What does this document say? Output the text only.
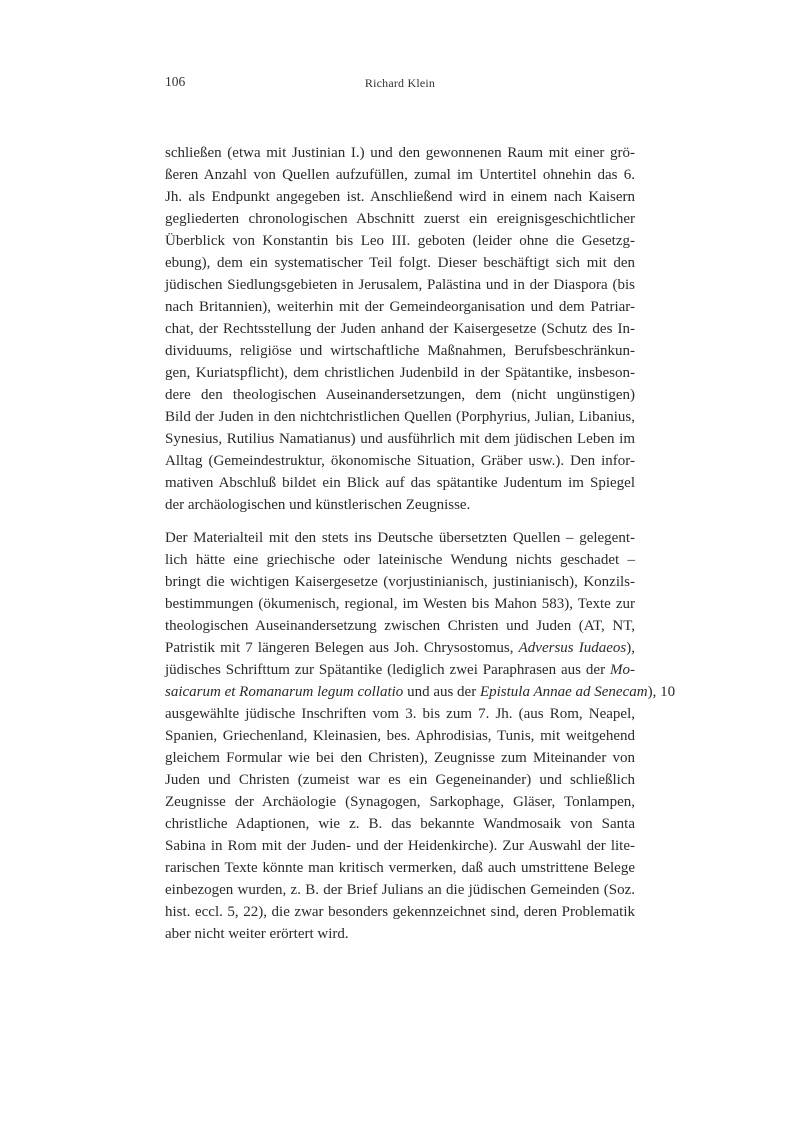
106	Richard Klein
schließen (etwa mit Justinian I.) und den gewonnenen Raum mit einer grö-
ßeren Anzahl von Quellen aufzufüllen, zumal im Untertitel ohnehin das 6.
Jh. als Endpunkt angegeben ist. Anschließend wird in einem nach Kaisern
gegliederten chronologischen Abschnitt zuerst ein ereignisgeschichtlicher
Überblick von Konstantin bis Leo III. geboten (leider ohne die Gesetzg-
ebung), dem ein systematischer Teil folgt. Dieser beschäftigt sich mit den
jüdischen Siedlungsgebieten in Jerusalem, Palästina und in der Diaspora (bis
nach Britannien), weiterhin mit der Gemeindeorganisation und dem Patriar-
chat, der Rechtsstellung der Juden anhand der Kaisergesetze (Schutz des In-
dividuums, religiöse und wirtschaftliche Maßnahmen, Berufsbeschränkun-
gen, Kuriatspflicht), dem christlichen Judenbild in der Spätantike, insbeson-
dere den theologischen Auseinandersetzungen, dem (nicht ungünstigen)
Bild der Juden in den nichtchristlichen Quellen (Porphyrius, Julian, Libanius,
Synesius, Rutilius Namatianus) und ausführlich mit dem jüdischen Leben im
Alltag (Gemeindestruktur, ökonomische Situation, Gräber usw.). Den infor-
mativen Abschluß bildet ein Blick auf das spätantike Judentum im Spiegel
der archäologischen und künstlerischen Zeugnisse.
Der Materialteil mit den stets ins Deutsche übersetzten Quellen – gelegent-
lich hätte eine griechische oder lateinische Wendung nichts geschadet –
bringt die wichtigen Kaisergesetze (vorjustinianisch, justinianisch), Konzils-
bestimmungen (ökumenisch, regional, im Westen bis Mahon 583), Texte zur
theologischen Auseinandersetzung zwischen Christen und Juden (AT, NT,
Patristik mit 7 längeren Belegen aus Joh. Chrysostomus, Adversus Iudaeos),
jüdisches Schrifttum zur Spätantike (lediglich zwei Paraphrasen aus der Mo-
saicarum et Romanarum legum collatio und aus der Epistula Annae ad Senecam), 10
ausgewählte jüdische Inschriften vom 3. bis zum 7. Jh. (aus Rom, Neapel,
Spanien, Griechenland, Kleinasien, bes. Aphrodisias, Tunis, mit weitgehend
gleichem Formular wie bei den Christen), Zeugnisse zum Miteinander von
Juden und Christen (zumeist war es ein Gegeneinander) und schließlich
Zeugnisse der Archäologie (Synagogen, Sarkophage, Gläser, Tonlampen,
christliche Adaptionen, wie z. B. das bekannte Wandmosaik von Santa
Sabina in Rom mit der Juden- und der Heidenkirche). Zur Auswahl der lite-
rarischen Texte könnte man kritisch vermerken, daß auch umstrittene Belege
einbezogen wurden, z. B. der Brief Julians an die jüdischen Gemeinden (Soz.
hist. eccl. 5, 22), die zwar besonders gekennzeichnet sind, deren Problematik
aber nicht weiter erörtert wird.
